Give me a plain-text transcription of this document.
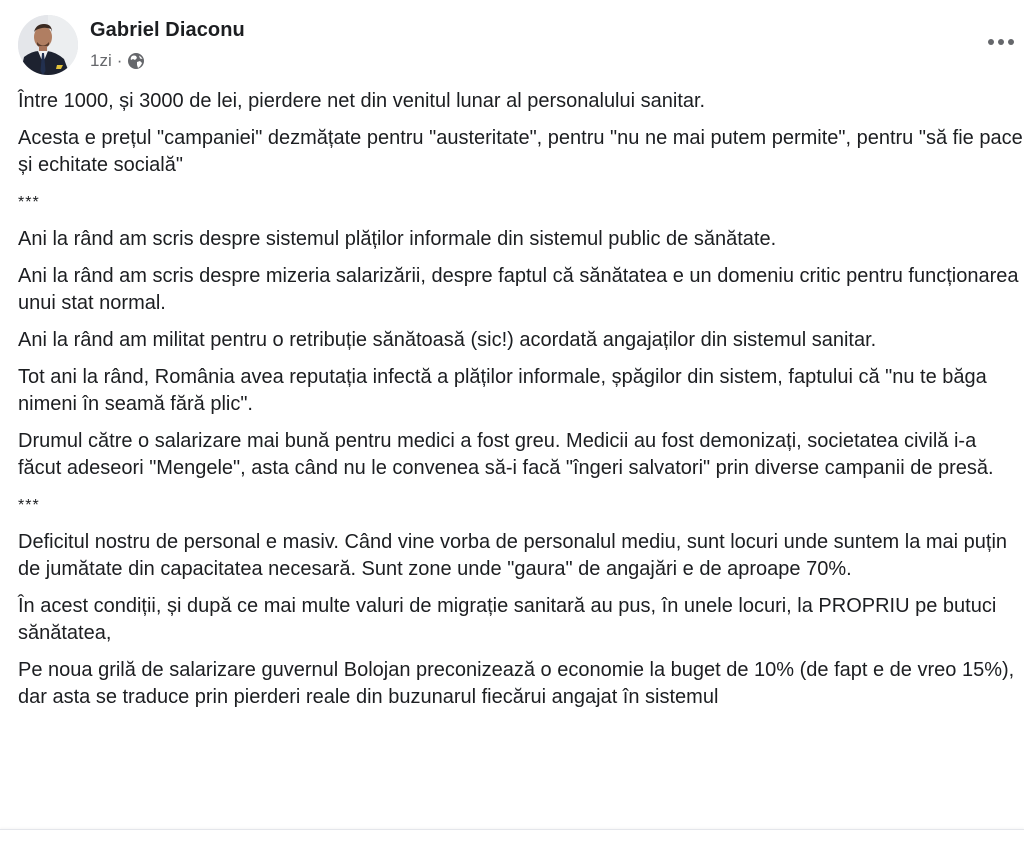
Gabriel Diaconu
1zi ·

Între 1000, și 3000 de lei, pierdere net din venitul lunar al personalului sanitar.

Acesta e prețul "campaniei" dezmățate pentru "austeritate", pentru "nu ne mai putem permite", pentru "să fie pace și echitate socială"

***

Ani la rând am scris despre sistemul plăților informale din sistemul public de sănătate.

Ani la rând am scris despre mizeria salarizării, despre faptul că sănătatea e un domeniu critic pentru funcționarea unui stat normal.

Ani la rând am militat pentru o retribuție sănătoasă (sic!) acordată angajaților din sistemul sanitar.

Tot ani la rând, România avea reputația infectă a plăților informale, șpăgilor din sistem, faptului că "nu te băga nimeni în seamă fără plic".

Drumul către o salarizare mai bună pentru medici a fost greu. Medicii au fost demonizați, societatea civilă i-a făcut adeseori "Mengele", asta când nu le convenea să-i facă "îngeri salvatori" prin diverse campanii de presă.

***

Deficitul nostru de personal e masiv. Când vine vorba de personalul mediu, sunt locuri unde suntem la mai puțin de jumătate din capacitatea necesară. Sunt zone unde "gaura" de angajări e de aproape 70%.

În acest condiții, și după ce mai multe valuri de migrație sanitară au pus, în unele locuri, la PROPRIU pe butuci sănătatea,

Pe noua grilă de salarizare guvernul Bolojan preconizează o economie la buget de 10% (de fapt e de vreo 15%), dar asta se traduce prin pierderi reale din buzunarul fiecărui angajat în sistemul
